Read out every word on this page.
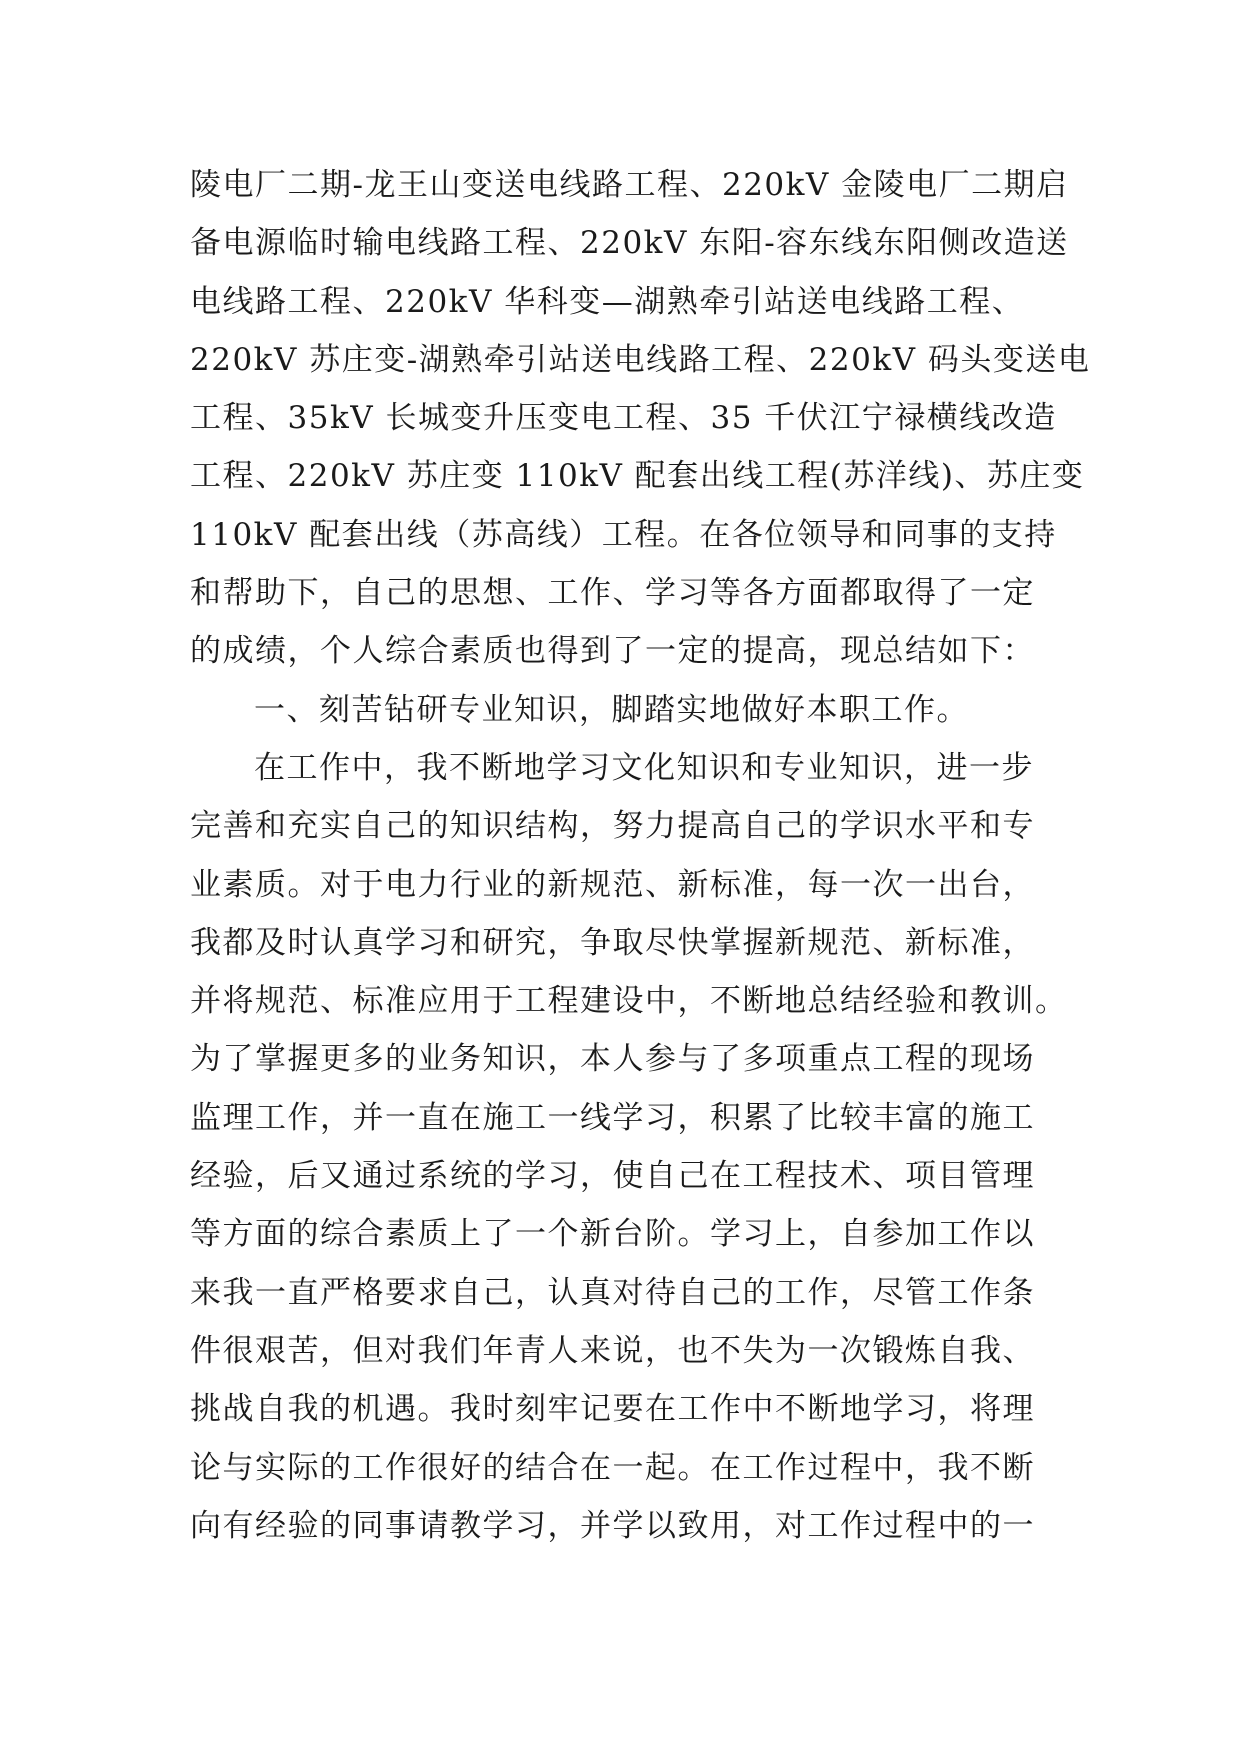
陵电厂二期-龙王山变送电线路工程、220kV 金陵电厂二期启
备电源临时输电线路工程、220kV 东阳-容东线东阳侧改造送
电线路工程、220kV 华科变—湖熟牵引站送电线路工程、
220kV 苏庄变-湖熟牵引站送电线路工程、220kV 码头变送电
工程、35kV 长城变升压变电工程、35 千伏江宁禄横线改造
工程、220kV 苏庄变 110kV 配套出线工程(苏洋线)、苏庄变
110kV 配套出线（苏高线）工程。在各位领导和同事的支持
和帮助下，自己的思想、工作、学习等各方面都取得了一定
的成绩，个人综合素质也得到了一定的提高，现总结如下：
一、刻苦钻研专业知识，脚踏实地做好本职工作。
在工作中，我不断地学习文化知识和专业知识，进一步
完善和充实自己的知识结构，努力提高自己的学识水平和专
业素质。对于电力行业的新规范、新标准，每一次一出台，
我都及时认真学习和研究，争取尽快掌握新规范、新标准，
并将规范、标准应用于工程建设中，不断地总结经验和教训。
为了掌握更多的业务知识，本人参与了多项重点工程的现场
监理工作，并一直在施工一线学习，积累了比较丰富的施工
经验，后又通过系统的学习，使自己在工程技术、项目管理
等方面的综合素质上了一个新台阶。学习上，自参加工作以
来我一直严格要求自己，认真对待自己的工作，尽管工作条
件很艰苦，但对我们年青人来说，也不失为一次锻炼自我、
挑战自我的机遇。我时刻牢记要在工作中不断地学习，将理
论与实际的工作很好的结合在一起。在工作过程中，我不断
向有经验的同事请教学习，并学以致用，对工作过程中的一
